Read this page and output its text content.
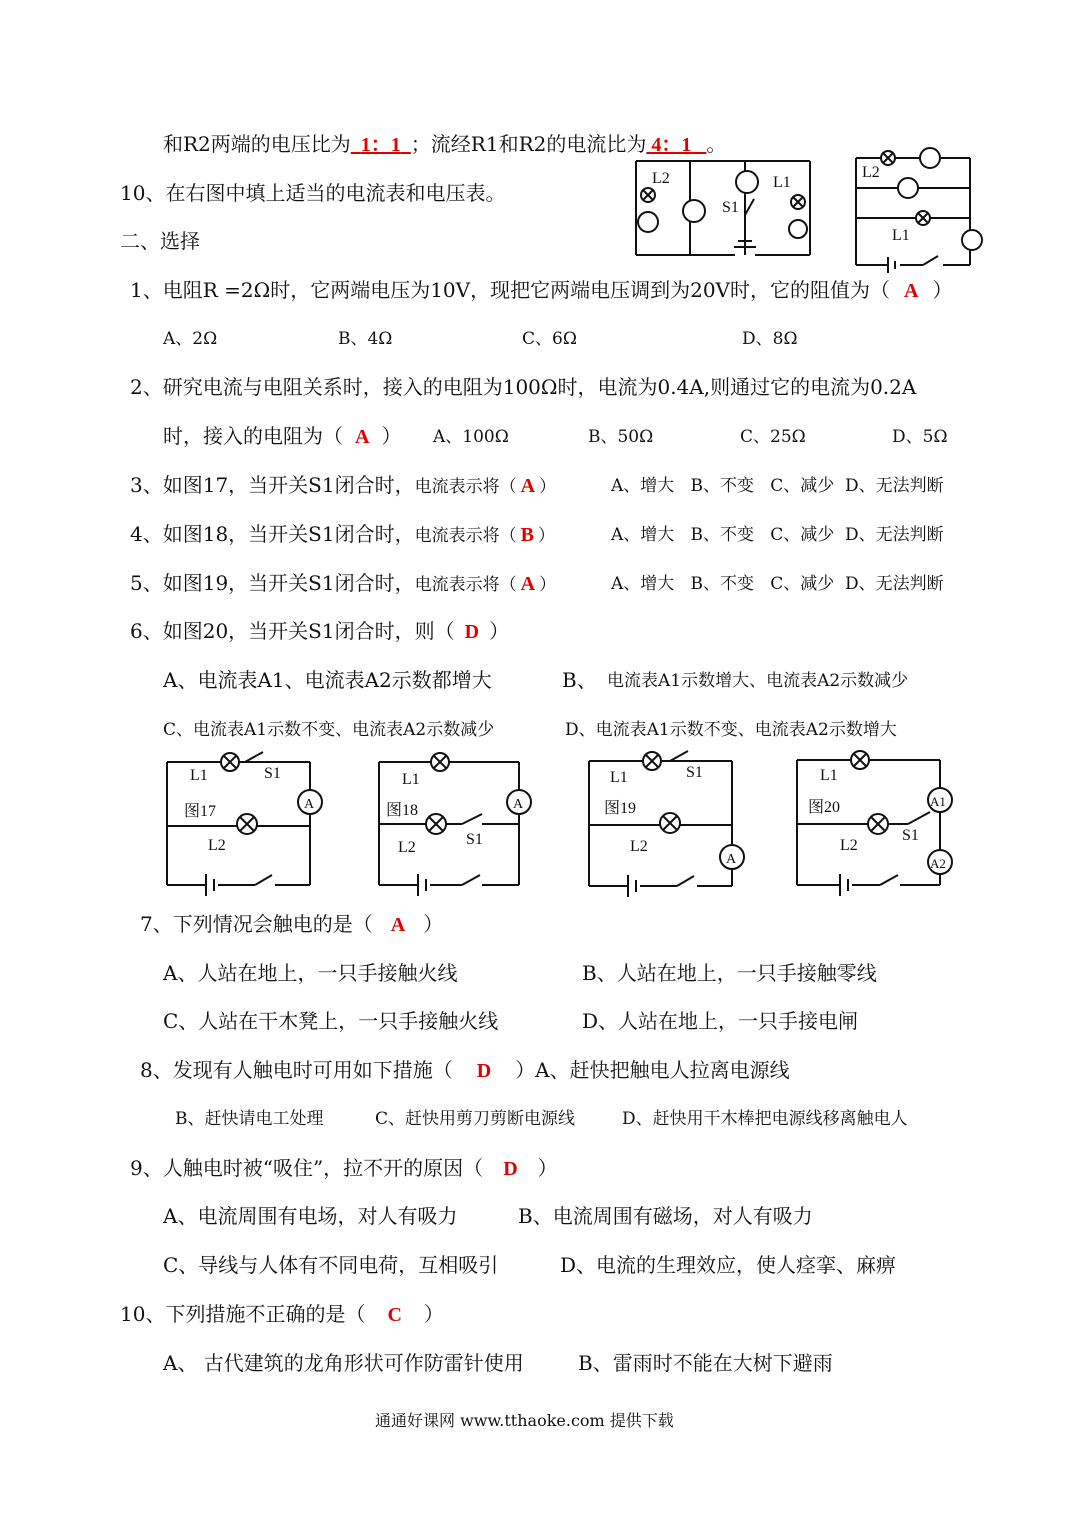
和R2两端的电压比为 1：1 ；流经R1和R2的电流比为 4：1 。
10、在右图中填上适当的电流表和电压表。
二、选择
L2
S1
L1
L2
L1
1、电阻R =2Ω时，它两端电压为10V，现把它两端电压调到为20V时，它的阻值为（ A ）
A、2Ω	B、4Ω	C、6Ω	D、8Ω
2、研究电流与电阻关系时，接入的电阻为100Ω时，电流为0.4A,则通过它的电流为0.2A
时，接入的电阻为（ A ） A、100Ω	B、50Ω	C、25Ω	D、5Ω
3、如图17，当开关S1闭合时，电流表示将（ A ）	A、增大 B、不变 C、减少 D、无法判断
4、如图18，当开关S1闭合时，电流表示将（ B ）	A、增大 B、不变 C、减少 D、无法判断
5、如图19，当开关S1闭合时，电流表示将（ A ）	A、增大 B、不变 C、减少 D、无法判断
6、如图20，当开关S1闭合时，则（ D ）
A、电流表A1、电流表A2示数都增大	B、 电流表A1示数增大、电流表A2示数减少
C、电流表A1示数不变、电流表A2示数减少	D、电流表A1示数不变、电流表A2示数增大
A
L1	S1
图17
L2
A
L1
图18
L2	S1
A
L1	S1
图19
L2
A1
A2
L1
图20
L2
S1
7、下列情况会触电的是（ A ）
A、人站在地上，一只手接触火线	B、人站在地上，一只手接触零线
C、人站在干木凳上，一只手接触火线	D、人站在地上，一只手接电闸
8、发现有人触电时可用如下措施（ D ）A、赶快把触电人拉离电源线
B、赶快请电工处理	C、赶快用剪刀剪断电源线	D、赶快用干木棒把电源线移离触电人
9、人触电时被“吸住”，拉不开的原因（ D ）
A、电流周围有电场，对人有吸力	B、电流周围有磁场，对人有吸力
C、导线与人体有不同电荷，互相吸引	D、电流的生理效应，使人痉挛、麻痹
10、下列措施不正确的是（ C ）
A、 古代建筑的龙角形状可作防雷针使用	B、雷雨时不能在大树下避雨
通通好课网 www.tthaoke.com 提供下载
